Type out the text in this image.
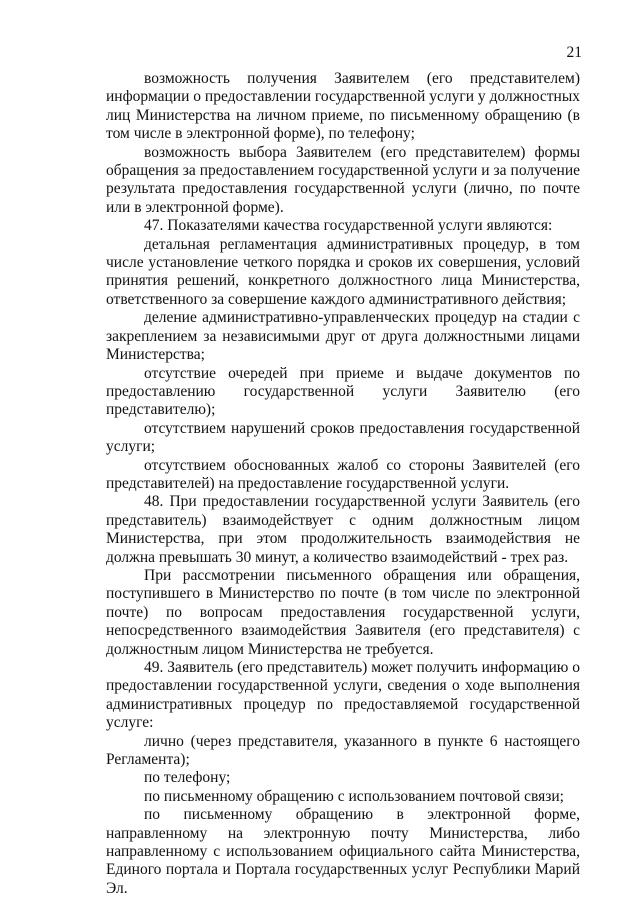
21

возможность получения Заявителем (его представителем) информации о предоставлении государственной услуги у должностных лиц Министерства на личном приеме, по письменному обращению (в том числе в электронной форме), по телефону;

возможность выбора Заявителем (его представителем) формы обращения за предоставлением государственной услуги и за получение результата предоставления государственной услуги (лично, по почте или в электронной форме).

47. Показателями качества государственной услуги являются:

детальная регламентация административных процедур, в том числе установление четкого порядка и сроков их совершения, условий принятия решений, конкретного должностного лица Министерства, ответственного за совершение каждого административного действия;

деление административно-управленческих процедур на стадии с закреплением за независимыми друг от друга должностными лицами Министерства;

отсутствие очередей при приеме и выдаче документов по предоставлению государственной услуги Заявителю (его представителю);

отсутствием нарушений сроков предоставления государственной услуги;

отсутствием обоснованных жалоб со стороны Заявителей (его представителей) на предоставление государственной услуги.

48. При предоставлении государственной услуги Заявитель (его представитель) взаимодействует с одним должностным лицом Министерства, при этом продолжительность взаимодействия не должна превышать 30 минут, а количество взаимодействий - трех раз.

При рассмотрении письменного обращения или обращения, поступившего в Министерство по почте (в том числе по электронной почте) по вопросам предоставления государственной услуги, непосредственного взаимодействия Заявителя (его представителя) с должностным лицом Министерства не требуется.

49. Заявитель (его представитель) может получить информацию о предоставлении государственной услуги, сведения о ходе выполнения административных процедур по предоставляемой государственной услуге:

лично (через представителя, указанного в пункте 6 настоящего Регламента);

по телефону;

по письменному обращению с использованием почтовой связи;

по письменному обращению в электронной форме, направленному на электронную почту Министерства, либо направленному с использованием официального сайта Министерства, Единого портала и Портала государственных услуг Республики Марий Эл.
